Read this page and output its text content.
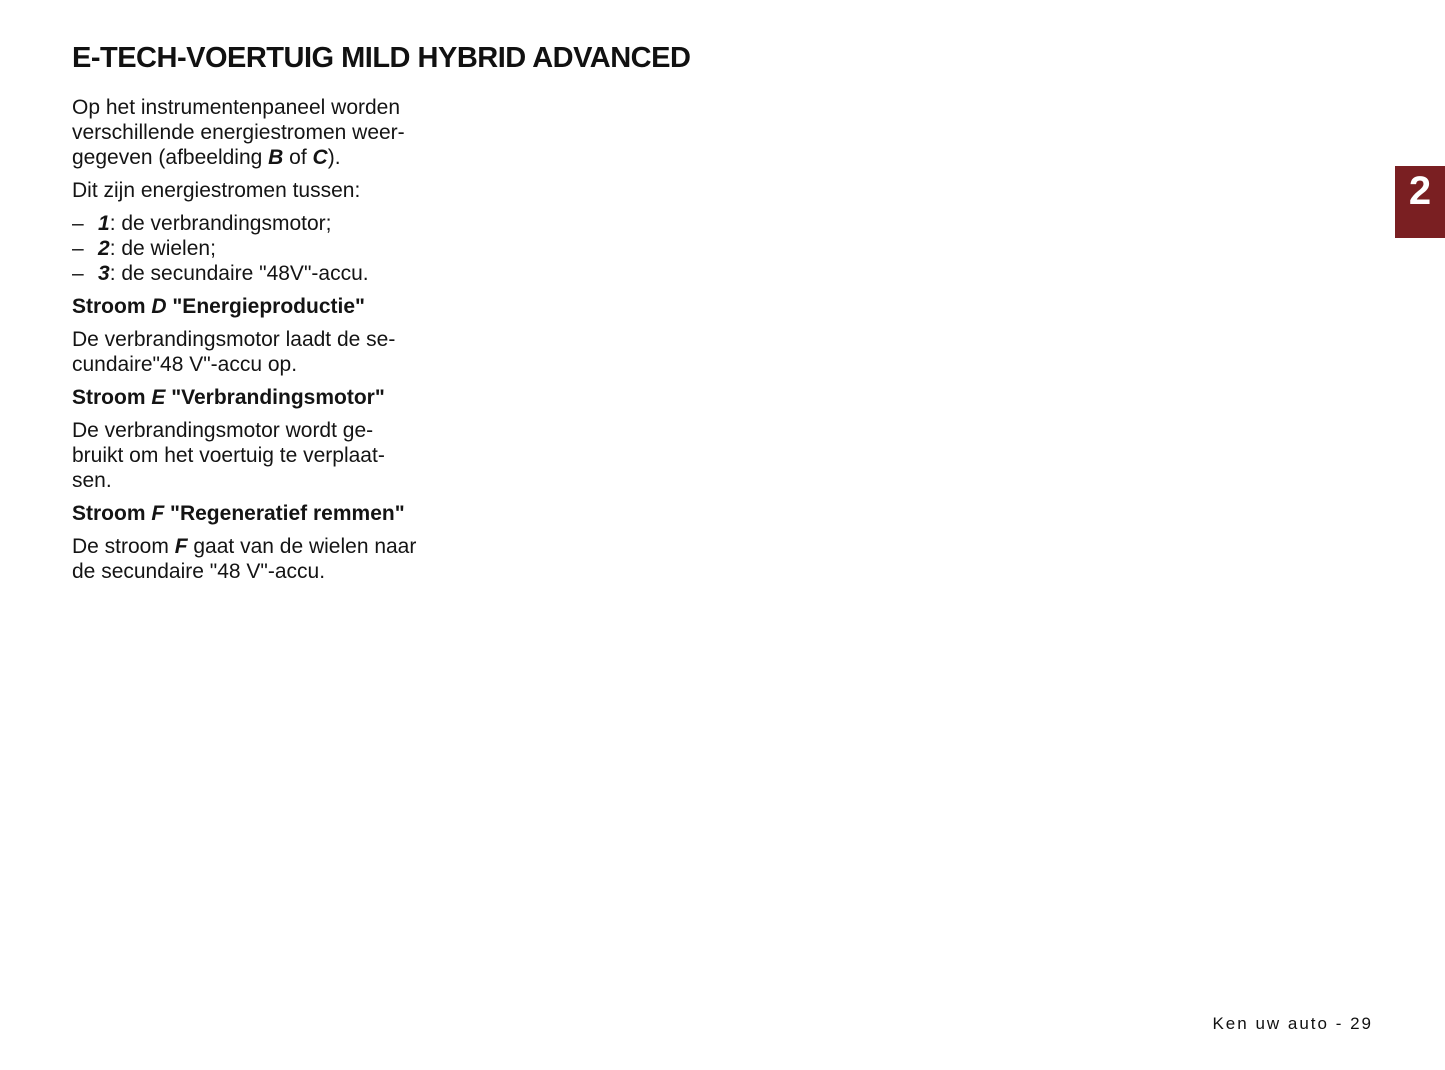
E-TECH-VOERTUIG MILD HYBRID ADVANCED

Op het instrumentenpaneel worden
verschillende energiestromen weer-
gegeven (afbeelding B of C).

Dit zijn energiestromen tussen:

– 1: de verbrandingsmotor;
– 2: de wielen;
– 3: de secundaire "48V"-accu.

Stroom D "Energieproductie"

De verbrandingsmotor laadt de se-
cundaire"48 V"-accu op.

Stroom E "Verbrandingsmotor"

De verbrandingsmotor wordt ge-
bruikt om het voertuig te verplaat-
sen.

Stroom F "Regeneratief remmen"

De stroom F gaat van de wielen naar
de secundaire "48 V"-accu.

2
Ken uw auto - 29
